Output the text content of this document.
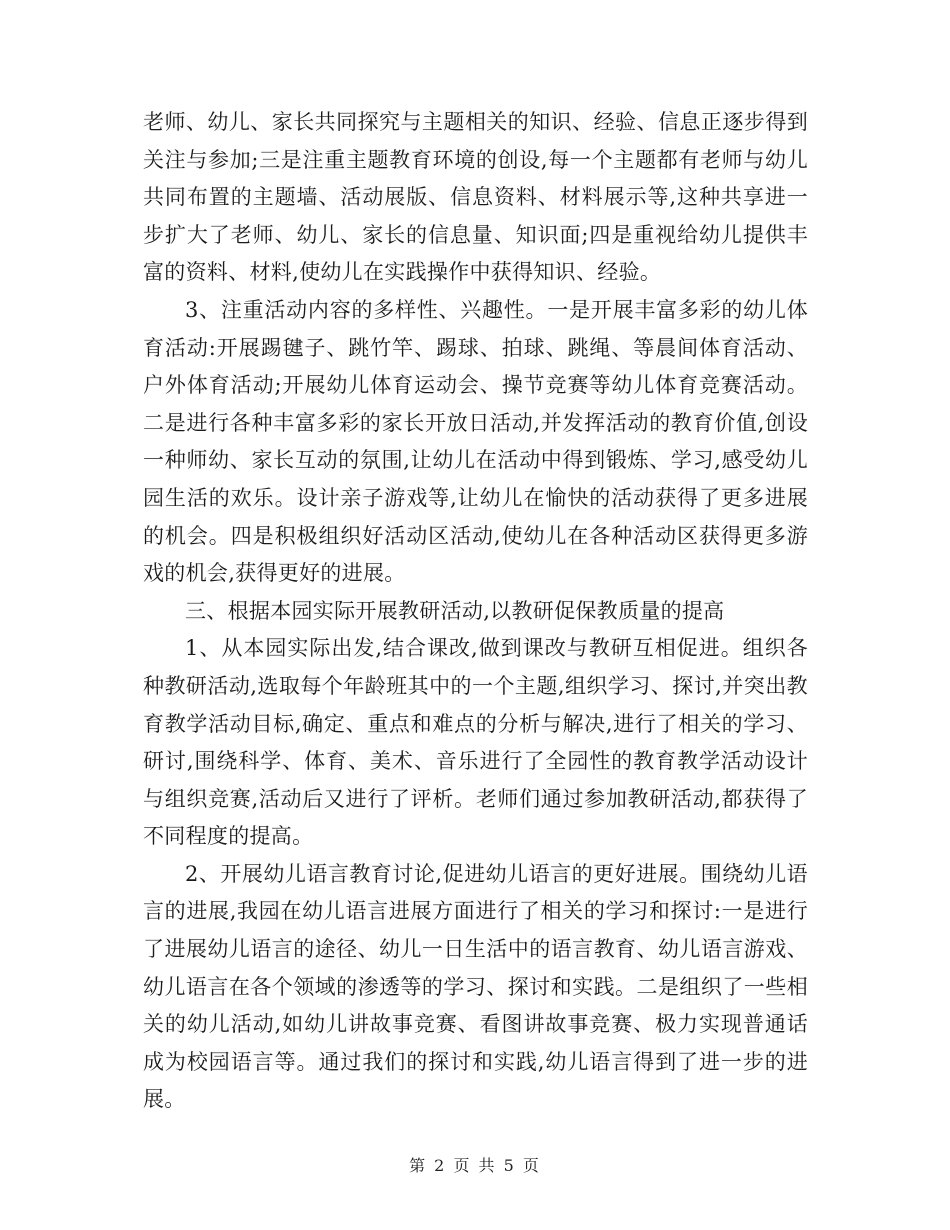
老师、幼儿、家长共同探究与主题相关的知识、经验、信息正逐步得到关注与参加;三是注重主题教育环境的创设,每一个主题都有老师与幼儿共同布置的主题墙、活动展版、信息资料、材料展示等,这种共享进一步扩大了老师、幼儿、家长的信息量、知识面;四是重视给幼儿提供丰富的资料、材料,使幼儿在实践操作中获得知识、经验。

3、注重活动内容的多样性、兴趣性。一是开展丰富多彩的幼儿体育活动:开展踢毽子、跳竹竿、踢球、拍球、跳绳、等晨间体育活动、户外体育活动;开展幼儿体育运动会、操节竞赛等幼儿体育竞赛活动。二是进行各种丰富多彩的家长开放日活动,并发挥活动的教育价值,创设一种师幼、家长互动的氛围,让幼儿在活动中得到锻炼、学习,感受幼儿园生活的欢乐。设计亲子游戏等,让幼儿在愉快的活动获得了更多进展的机会。四是积极组织好活动区活动,使幼儿在各种活动区获得更多游戏的机会,获得更好的进展。

三、根据本园实际开展教研活动,以教研促保教质量的提高

1、从本园实际出发,结合课改,做到课改与教研互相促进。组织各种教研活动,选取每个年龄班其中的一个主题,组织学习、探讨,并突出教育教学活动目标,确定、重点和难点的分析与解决,进行了相关的学习、研讨,围绕科学、体育、美术、音乐进行了全园性的教育教学活动设计与组织竞赛,活动后又进行了评析。老师们通过参加教研活动,都获得了不同程度的提高。

2、开展幼儿语言教育讨论,促进幼儿语言的更好进展。围绕幼儿语言的进展,我园在幼儿语言进展方面进行了相关的学习和探讨:一是进行了进展幼儿语言的途径、幼儿一日生活中的语言教育、幼儿语言游戏、幼儿语言在各个领域的渗透等的学习、探讨和实践。二是组织了一些相关的幼儿活动,如幼儿讲故事竞赛、看图讲故事竞赛、极力实现普通话成为校园语言等。通过我们的探讨和实践,幼儿语言得到了进一步的进展。

第 2 页 共 5 页
